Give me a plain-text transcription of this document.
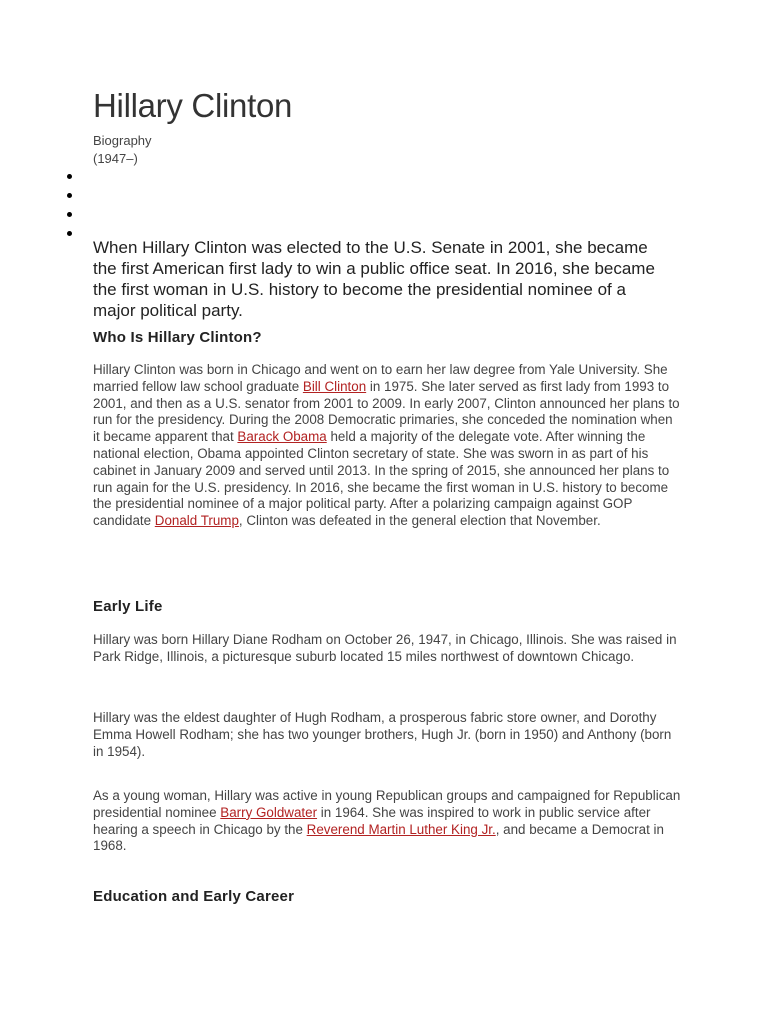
Hillary Clinton
Biography
(1947–)

When Hillary Clinton was elected to the U.S. Senate in 2001, she became the first American first lady to win a public office seat. In 2016, she became the first woman in U.S. history to become the presidential nominee of a major political party.

Who Is Hillary Clinton?

Hillary Clinton was born in Chicago and went on to earn her law degree from Yale University. She married fellow law school graduate Bill Clinton in 1975. She later served as first lady from 1993 to 2001, and then as a U.S. senator from 2001 to 2009. In early 2007, Clinton announced her plans to run for the presidency. During the 2008 Democratic primaries, she conceded the nomination when it became apparent that Barack Obama held a majority of the delegate vote. After winning the national election, Obama appointed Clinton secretary of state. She was sworn in as part of his cabinet in January 2009 and served until 2013. In the spring of 2015, she announced her plans to run again for the U.S. presidency. In 2016, she became the first woman in U.S. history to become the presidential nominee of a major political party. After a polarizing campaign against GOP candidate Donald Trump, Clinton was defeated in the general election that November.

Early Life

Hillary was born Hillary Diane Rodham on October 26, 1947, in Chicago, Illinois. She was raised in Park Ridge, Illinois, a picturesque suburb located 15 miles northwest of downtown Chicago.

Hillary was the eldest daughter of Hugh Rodham, a prosperous fabric store owner, and Dorothy Emma Howell Rodham; she has two younger brothers, Hugh Jr. (born in 1950) and Anthony (born in 1954).

As a young woman, Hillary was active in young Republican groups and campaigned for Republican presidential nominee Barry Goldwater in 1964. She was inspired to work in public service after hearing a speech in Chicago by the Reverend Martin Luther King Jr., and became a Democrat in 1968.

Education and Early Career
